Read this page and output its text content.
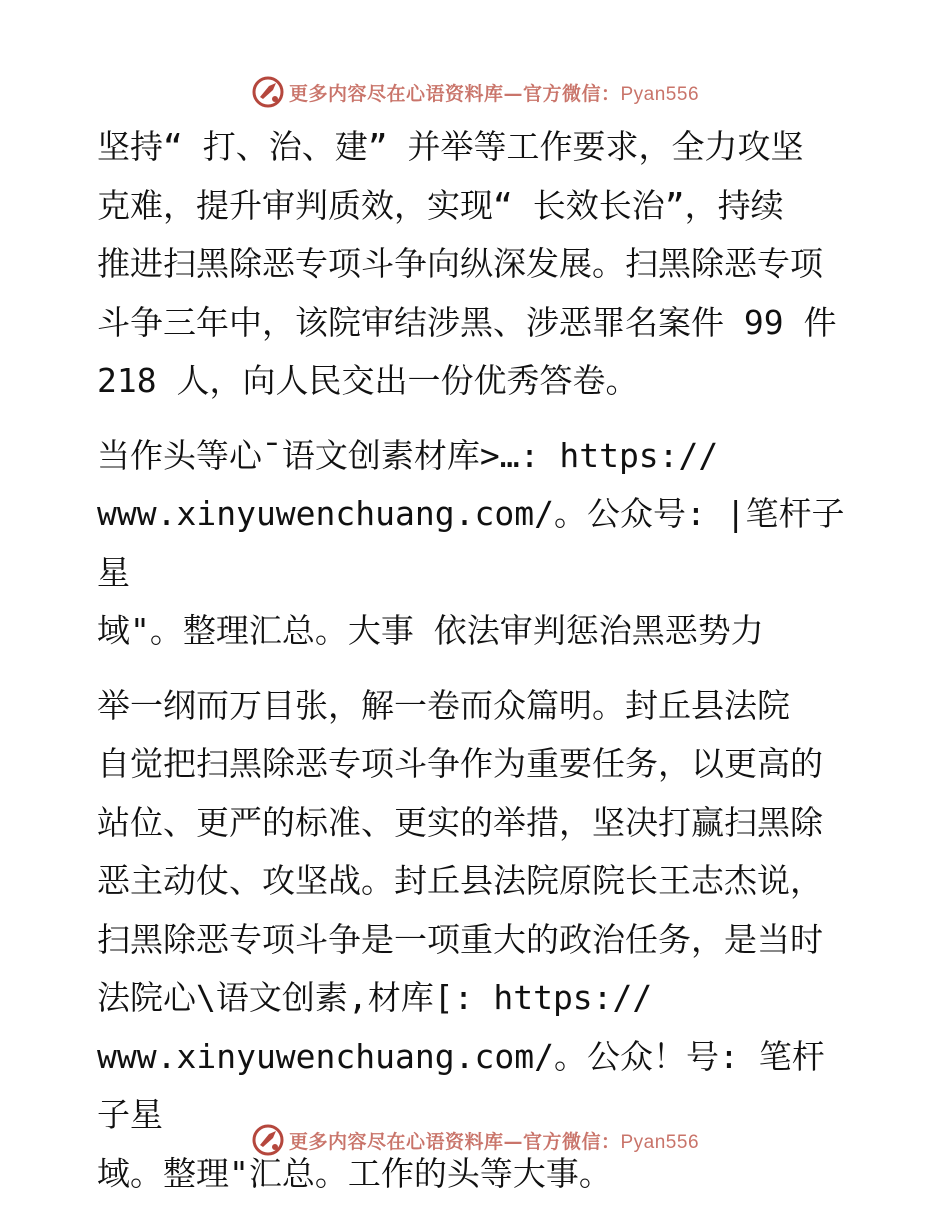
更多内容尽在心语资料库—官方微信：Pyan556

坚持“ 打、治、建” 并举等工作要求，全力攻坚
克难，提升审判质效，实现“ 长效长治”，持续
推进扫黑除恶专项斗争向纵深发展。扫黑除恶专项
斗争三年中，该院审结涉黑、涉恶罪名案件 99 件
218 人，向人民交出一份优秀答卷。

当作头等心¯语文创素材库>…: https://
www.xinyuwenchuang.com/。公众号: |笔杆子星
域"。整理汇总。大事 依法审判惩治黑恶势力

举一纲而万目张，解一卷而众篇明。封丘县法院
自觉把扫黑除恶专项斗争作为重要任务，以更高的
站位、更严的标准、更实的举措，坚决打赢扫黑除
恶主动仗、攻坚战。封丘县法院原院长王志杰说，
扫黑除恶专项斗争是一项重大的政治任务，是当时
法院心\语文创素,材库[: https://
www.xinyuwenchuang.com/。公众！号: 笔杆子星
域。整理"汇总。工作的头等大事。

更多内容尽在心语资料库—官方微信：Pyan556
